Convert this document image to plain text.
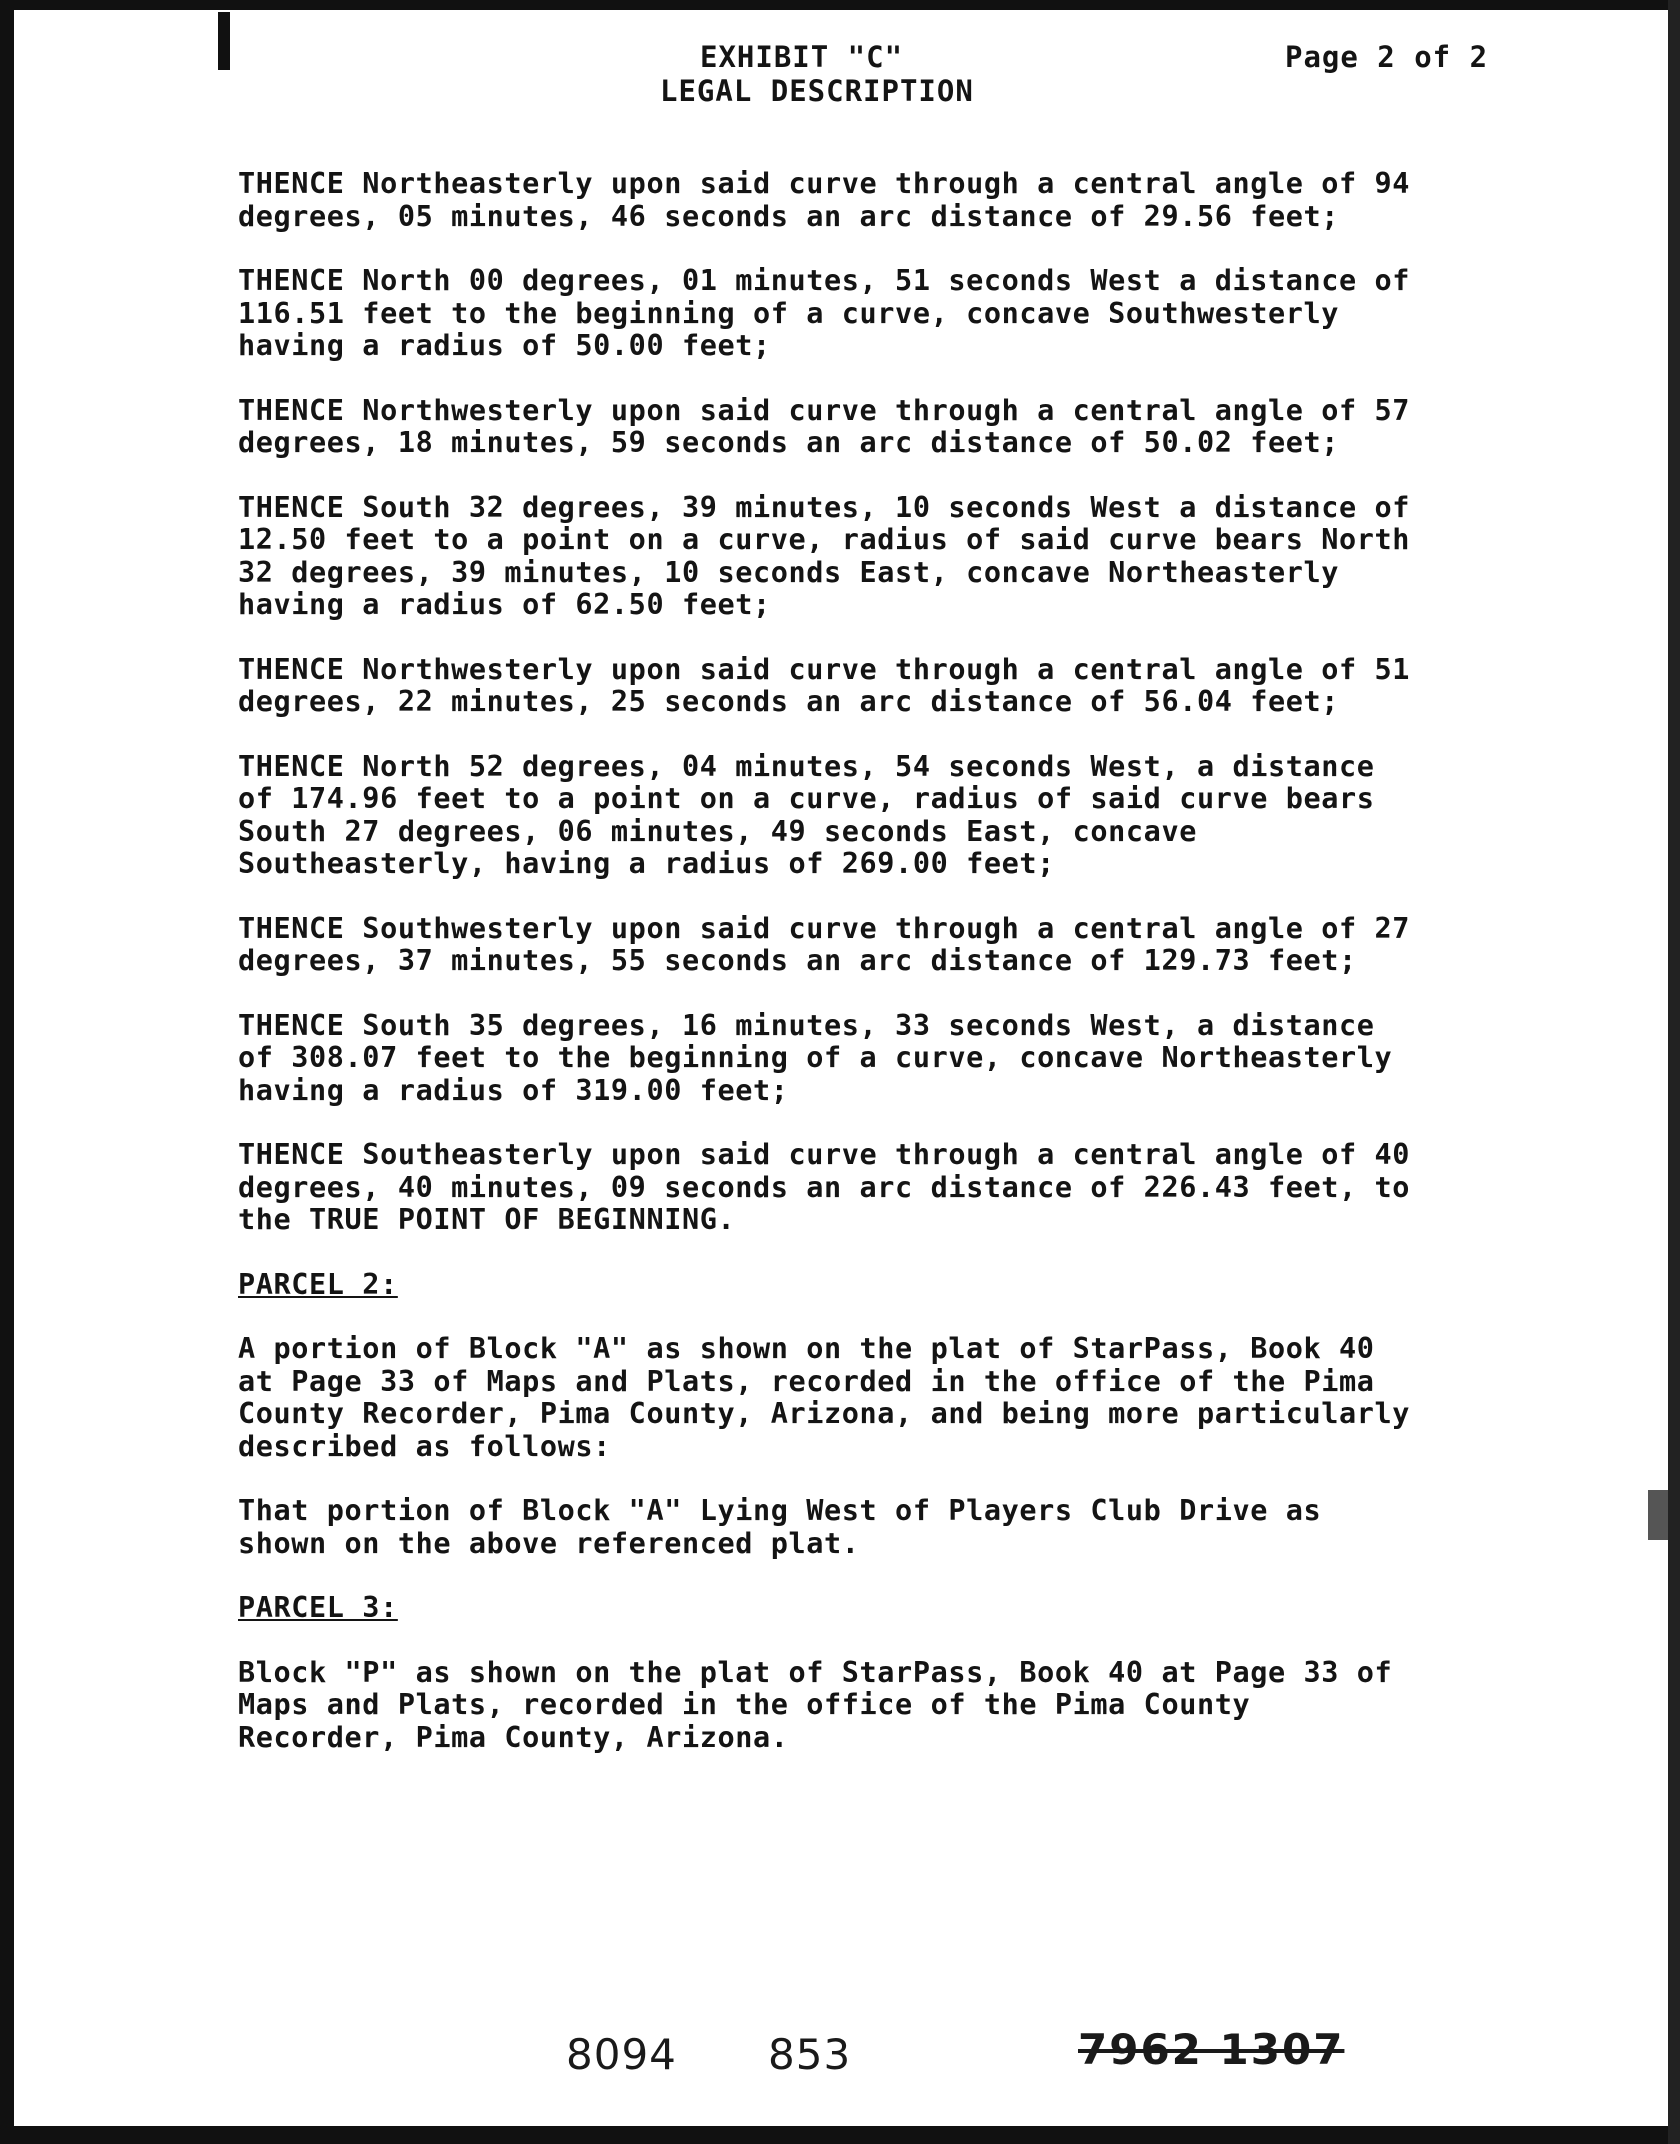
EXHIBIT "C"
LEGAL DESCRIPTION
Page 2 of 2

THENCE Northeasterly upon said curve through a central angle of 94
degrees, 05 minutes, 46 seconds an arc distance of 29.56 feet;

THENCE North 00 degrees, 01 minutes, 51 seconds West a distance of
116.51 feet to the beginning of a curve, concave Southwesterly
having a radius of 50.00 feet;

THENCE Northwesterly upon said curve through a central angle of 57
degrees, 18 minutes, 59 seconds an arc distance of 50.02 feet;

THENCE South 32 degrees, 39 minutes, 10 seconds West a distance of
12.50 feet to a point on a curve, radius of said curve bears North
32 degrees, 39 minutes, 10 seconds East, concave Northeasterly
having a radius of 62.50 feet;

THENCE Northwesterly upon said curve through a central angle of 51
degrees, 22 minutes, 25 seconds an arc distance of 56.04 feet;

THENCE North 52 degrees, 04 minutes, 54 seconds West, a distance
of 174.96 feet to a point on a curve, radius of said curve bears
South 27 degrees, 06 minutes, 49 seconds East, concave
Southeasterly, having a radius of 269.00 feet;

THENCE Southwesterly upon said curve through a central angle of 27
degrees, 37 minutes, 55 seconds an arc distance of 129.73 feet;

THENCE South 35 degrees, 16 minutes, 33 seconds West, a distance
of 308.07 feet to the beginning of a curve, concave Northeasterly
having a radius of 319.00 feet;

THENCE Southeasterly upon said curve through a central angle of 40
degrees, 40 minutes, 09 seconds an arc distance of 226.43 feet, to
the TRUE POINT OF BEGINNING.

PARCEL 2:

A portion of Block "A" as shown on the plat of StarPass, Book 40
at Page 33 of Maps and Plats, recorded in the office of the Pima
County Recorder, Pima County, Arizona, and being more particularly
described as follows:

That portion of Block "A" Lying West of Players Club Drive as
shown on the above referenced plat.

PARCEL 3:

Block "P" as shown on the plat of StarPass, Book 40 at Page 33 of
Maps and Plats, recorded in the office of the Pima County
Recorder, Pima County, Arizona.

8094 853	7962 1307
